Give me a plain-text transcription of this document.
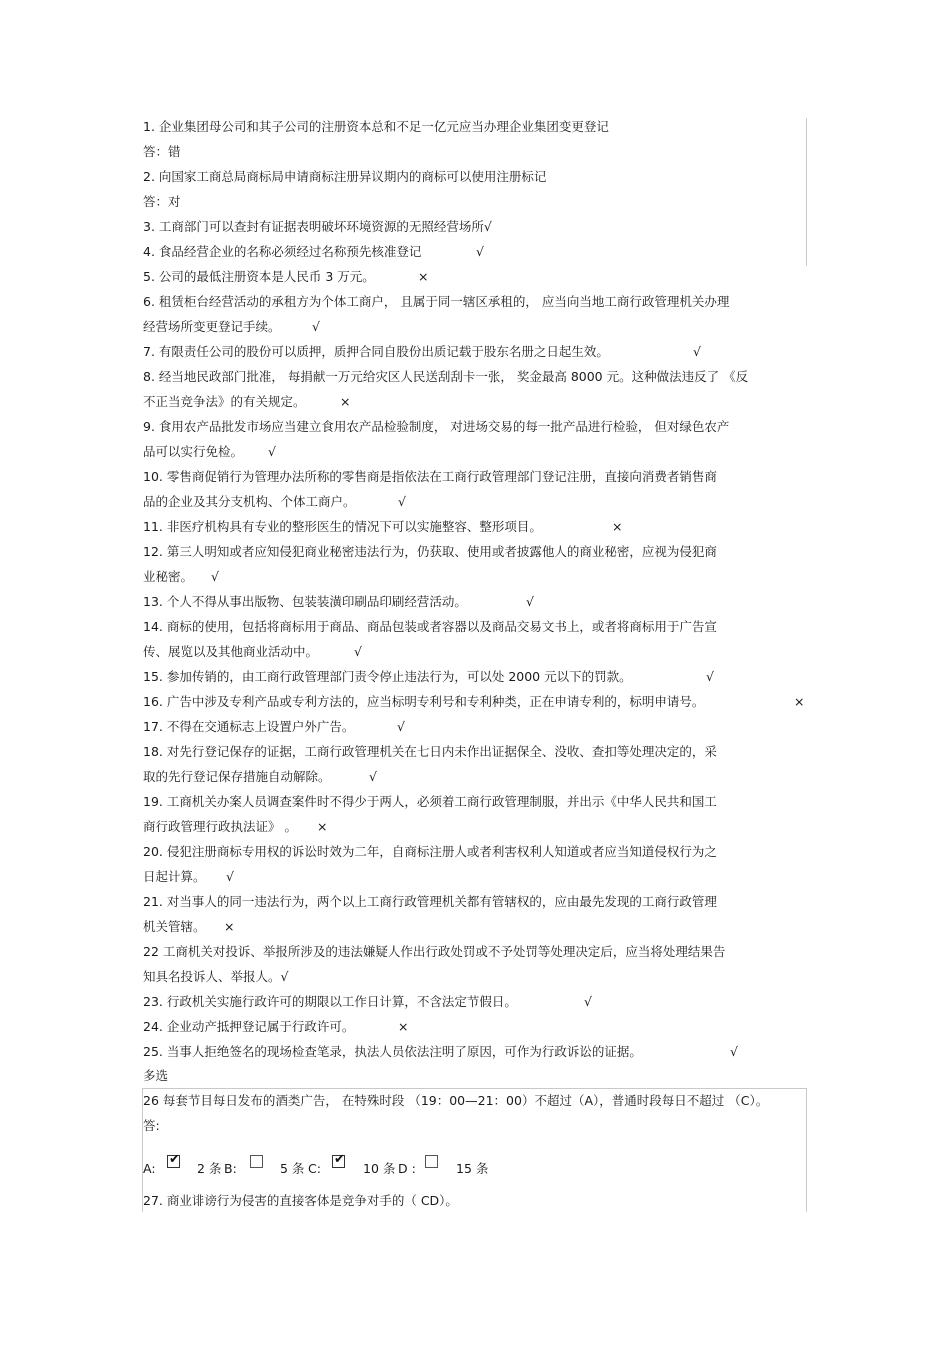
1. 企业集团母公司和其子公司的注册资本总和不足一亿元应当办理企业集团变更登记
答：错
2. 向国家工商总局商标局申请商标注册异议期内的商标可以使用注册标记
答：对
3. 工商部门可以查封有证据表明破坏环境资源的无照经营场所√
4. 食品经营企业的名称必须经过名称预先核准登记	√
5. 公司的最低注册资本是人民币 3 万元。	×
6. 租赁柜台经营活动的承租方为个体工商户， 且属于同一辖区承租的， 应当向当地工商行政管理机关办理
经营场所变更登记手续。	√
7. 有限责任公司的股份可以质押，质押合同自股份出质记载于股东名册之日起生效。	√
8. 经当地民政部门批准， 每捐献一万元给灾区人民送刮刮卡一张， 奖金最高 8000 元。这种做法违反了 《反
不正当竞争法》的有关规定。	×
9. 食用农产品批发市场应当建立食用农产品检验制度， 对进场交易的每一批产品进行检验， 但对绿色农产
品可以实行免检。 √
10. 零售商促销行为管理办法所称的零售商是指依法在工商行政管理部门登记注册，直接向消费者销售商
品的企业及其分支机构、个体工商户。	√
11. 非医疗机构具有专业的整形医生的情况下可以实施整容、整形项目。	×
12. 第三人明知或者应知侵犯商业秘密违法行为，仍获取、使用或者披露他人的商业秘密，应视为侵犯商
业秘密。 √
13. 个人不得从事出版物、包装装潢印刷品印刷经营活动。	√
14. 商标的使用，包括将商标用于商品、商品包装或者容器以及商品交易文书上，或者将商标用于广告宣
传、展览以及其他商业活动中。	√
15. 参加传销的，由工商行政管理部门责令停止违法行为，可以处 2000 元以下的罚款。	√
16. 广告中涉及专利产品或专利方法的，应当标明专利号和专利种类，正在申请专利的，标明申请号。	×
17. 不得在交通标志上设置户外广告。	√
18. 对先行登记保存的证据，工商行政管理机关在七日内未作出证据保全、没收、查扣等处理决定的，采
取的先行登记保存措施自动解除。	√
19. 工商机关办案人员调查案件时不得少于两人，必须着工商行政管理制服，并出示《中华人民共和国工
商行政管理行政执法证》 。 ×
20. 侵犯注册商标专用权的诉讼时效为二年，自商标注册人或者利害权利人知道或者应当知道侵权行为之
日起计算。 √
21. 对当事人的同一违法行为，两个以上工商行政管理机关都有管辖权的，应由最先发现的工商行政管理
机关管辖。 ×
22 工商机关对投诉、举报所涉及的违法嫌疑人作出行政处罚或不予处罚等处理决定后，应当将处理结果告
知具名投诉人、举报人。√
23. 行政机关实施行政许可的期限以工作日计算，不含法定节假日。	√
24. 企业动产抵押登记属于行政许可。	×
25. 当事人拒绝签名的现场检查笔录，执法人员依法注明了原因，可作为行政诉讼的证据。	√
多选
26 每套节目每日发布的酒类广告， 在特殊时段 （19：00—21：00）不超过（A），普通时段每日不超过 （C）。
答:
A:
✔
2 条 B:	5 条 C:
✔
10 条 D :	15 条
27. 商业诽谤行为侵害的直接客体是竞争对手的（ CD）。
